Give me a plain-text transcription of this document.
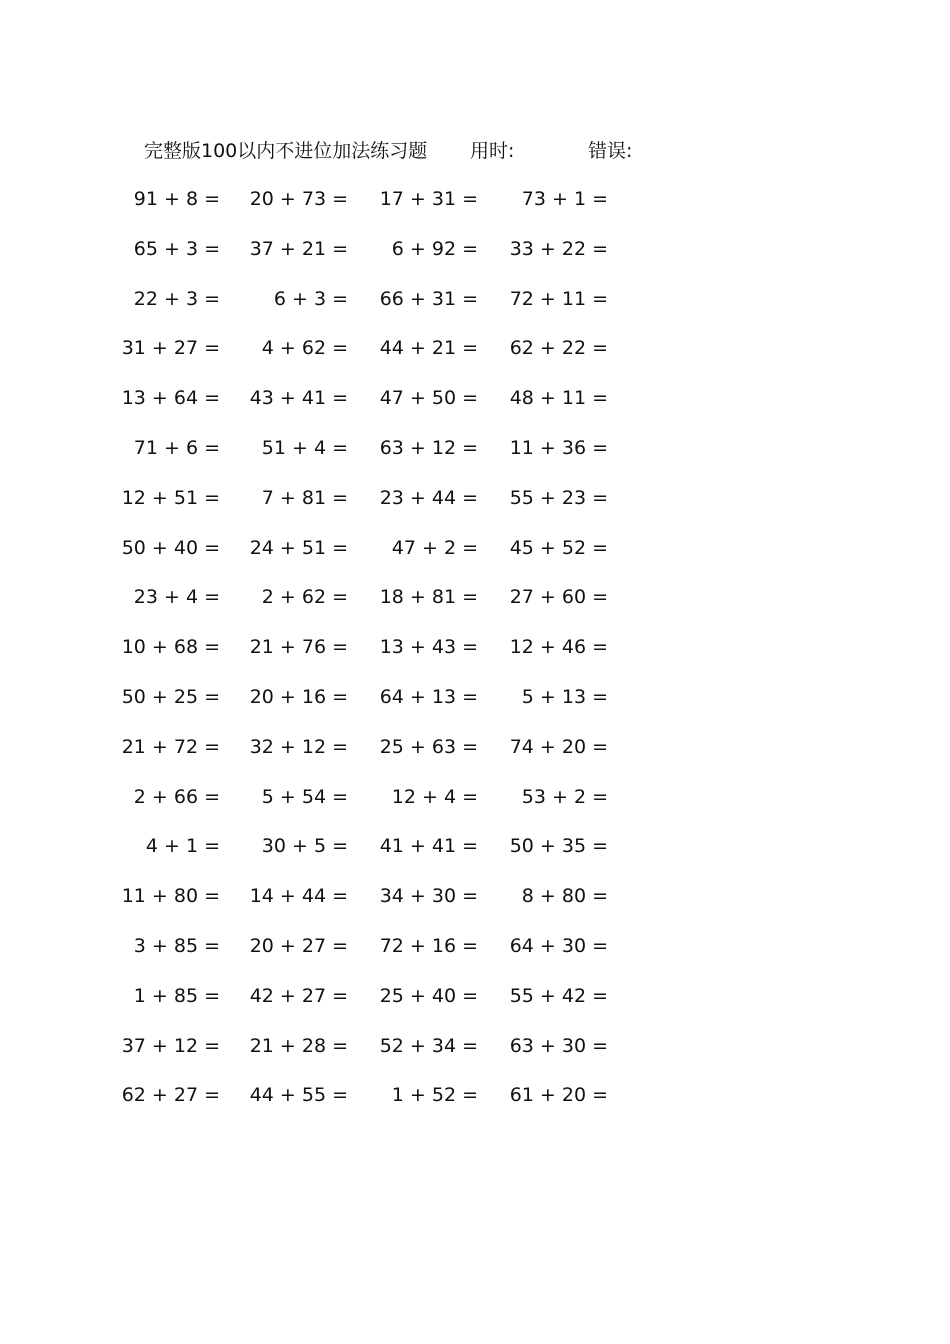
完整版100以内不进位加法练习题 用时:	错误:
91 + 8 = 20 + 73 = 17 + 31 = 73 + 1 =
65 + 3 = 37 + 21 = 6 + 92 = 33 + 22 =
22 + 3 =	6 + 3 = 66 + 31 = 72 + 11 =
31 + 27 = 4 + 62 = 44 + 21 = 62 + 22 =
13 + 64 = 43 + 41 = 47 + 50 = 48 + 11 =
71 + 6 = 51 + 4 = 63 + 12 = 11 + 36 =
12 + 51 = 7 + 81 = 23 + 44 = 55 + 23 =
50 + 40 = 24 + 51 = 47 + 2 = 45 + 52 =
23 + 4 = 2 + 62 = 18 + 81 = 27 + 60 =
10 + 68 = 21 + 76 = 13 + 43 = 12 + 46 =
50 + 25 = 20 + 16 = 64 + 13 = 5 + 13 =
21 + 72 = 32 + 12 = 25 + 63 = 74 + 20 =
2 + 66 = 5 + 54 = 12 + 4 = 53 + 2 =
4 + 1 = 30 + 5 = 41 + 41 = 50 + 35 =
11 + 80 = 14 + 44 = 34 + 30 = 8 + 80 =
3 + 85 = 20 + 27 = 72 + 16 = 64 + 30 =
1 + 85 = 42 + 27 = 25 + 40 = 55 + 42 =
37 + 12 = 21 + 28 = 52 + 34 = 63 + 30 =
62 + 27 = 44 + 55 = 1 + 52 = 61 + 20 =
